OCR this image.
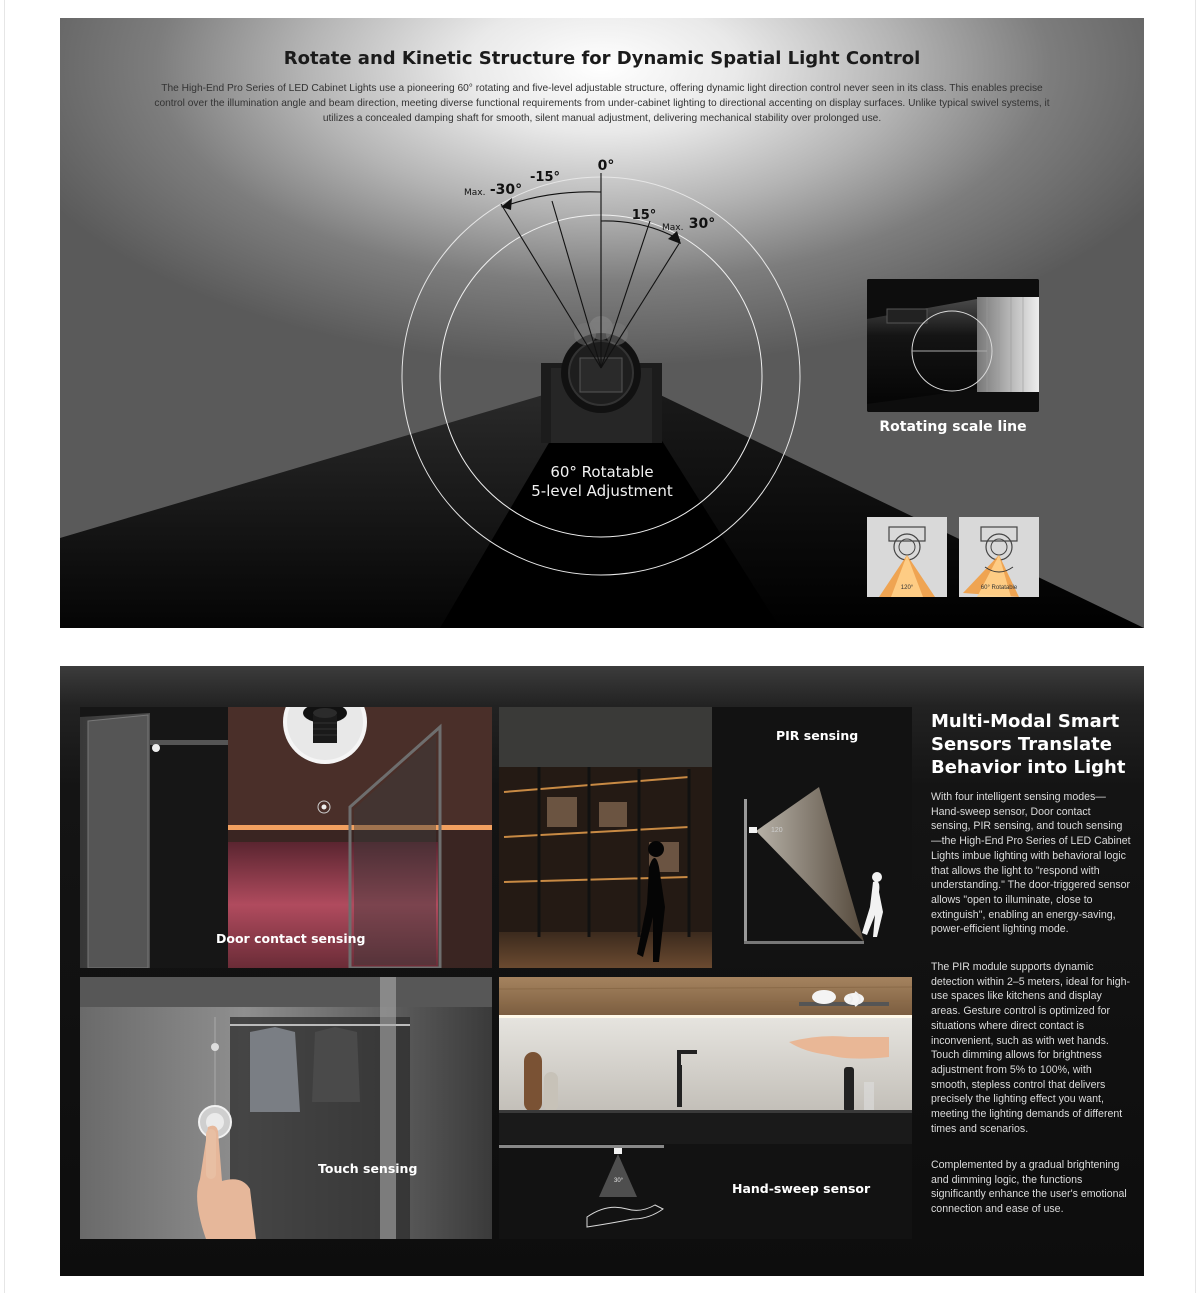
Rotate and Kinetic Structure for Dynamic Spatial Light Control
The High-End Pro Series of LED Cabinet Lights use a pioneering 60° rotating and five-level adjustable structure, offering dynamic light direction control never seen in its class. This enables precise control over the illumination angle and beam direction, meeting diverse functional requirements from under-cabinet lighting to directional accenting on display surfaces. Unlike typical swivel systems, it utilizes a concealed damping shaft for smooth, silent manual adjustment, delivering mechanical stability over prolonged use.
0°
-15°
-30°
Max.
15°
Max. 30°
60° Rotatable
5-level Adjustment
Rotating scale line
120°	60° Rotatable
Door contact sensing
120
PIR sensing
Touch sensing
30°	Hand-sweep sensor
Multi-Modal Smart Sensors Translate Behavior into Light

With four intelligent sensing modes—Hand-sweep sensor, Door contact sensing, PIR sensing, and touch sensing—the High-End Pro Series of LED Cabinet Lights imbue lighting with behavioral logic that allows the light to "respond with understanding." The door-triggered sensor allows "open to illuminate, close to extinguish", enabling an energy-saving, power-efficient lighting mode.

The PIR module supports dynamic detection within 2–5 meters, ideal for high-use spaces like kitchens and display areas. Gesture control is optimized for situations where direct contact is inconvenient, such as with wet hands. Touch dimming allows for brightness adjustment from 5% to 100%, with smooth, stepless control that delivers precisely the lighting effect you want, meeting the lighting demands of different times and scenarios.

Complemented by a gradual brightening and dimming logic, the functions significantly enhance the user's emotional connection and ease of use.
